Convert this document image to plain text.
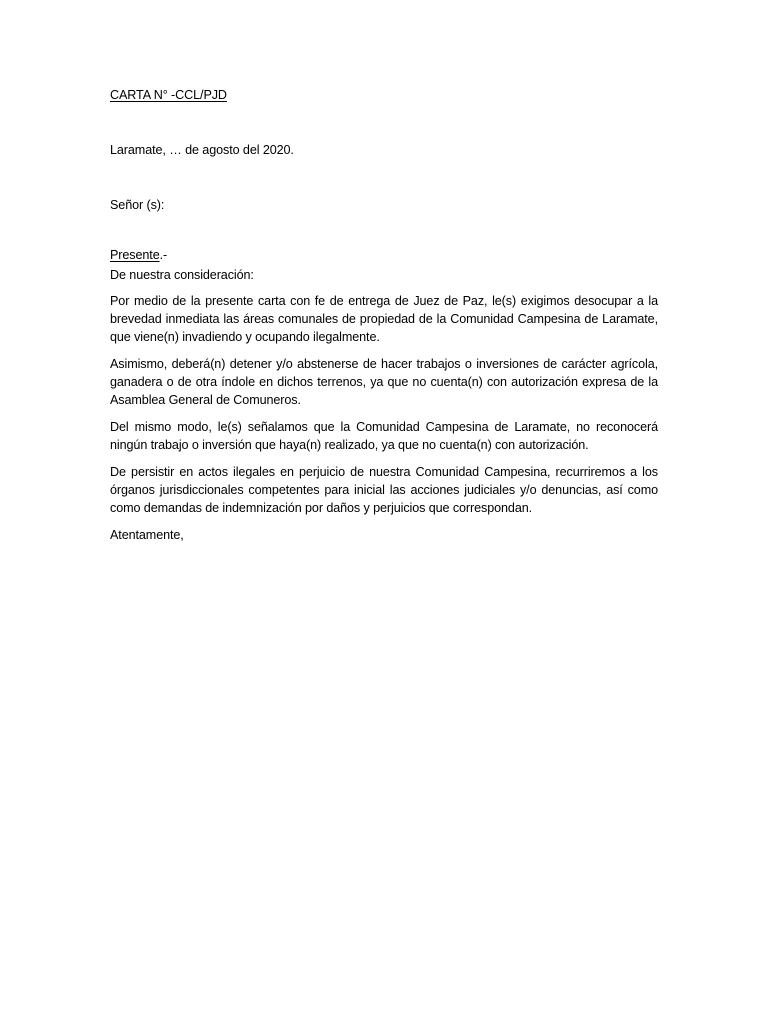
CARTA N° -CCL/PJD

Laramate, … de agosto del 2020.

Señor (s):

Presente.-

De nuestra consideración:

Por medio de la presente carta con fe de entrega de Juez de Paz, le(s) exigimos desocupar a la brevedad inmediata las áreas comunales de propiedad de la Comunidad Campesina de Laramate, que viene(n) invadiendo y ocupando ilegalmente.

Asimismo, deberá(n) detener y/o abstenerse de hacer trabajos o inversiones de carácter agrícola, ganadera o de otra índole en dichos terrenos, ya que no cuenta(n) con autorización expresa de la Asamblea General de Comuneros.

Del mismo modo, le(s) señalamos que la Comunidad Campesina de Laramate, no reconocerá ningún trabajo o inversión que haya(n) realizado, ya que no cuenta(n) con autorización.

De persistir en actos ilegales en perjuicio de nuestra Comunidad Campesina, recurriremos a los órganos jurisdiccionales competentes para inicial las acciones judiciales y/o denuncias, así como como demandas de indemnización por daños y perjuicios que correspondan.

Atentamente,
